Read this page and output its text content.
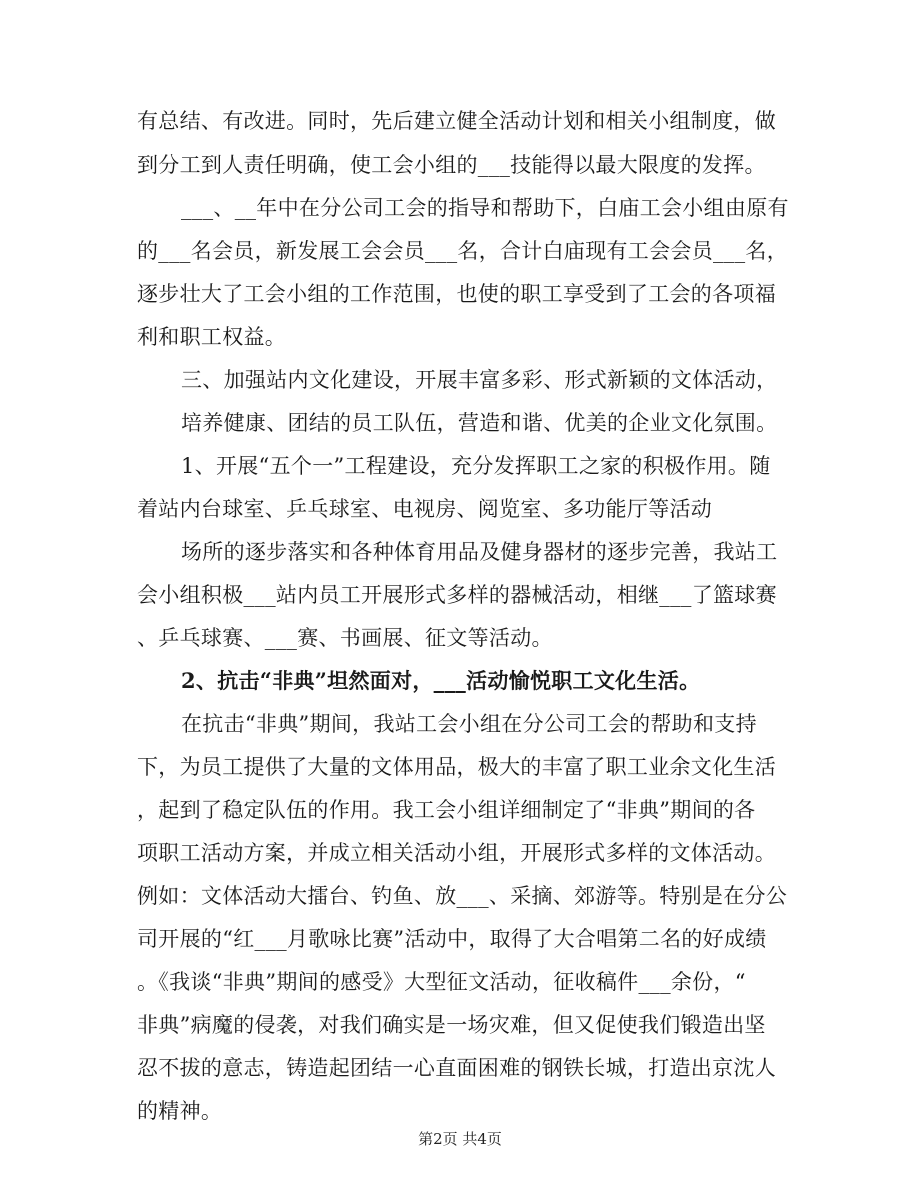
有总结、有改进。同时，先后建立健全活动计划和相关小组制度，做
到分工到人责任明确，使工会小组的___技能得以最大限度的发挥。
___、__年中在分公司工会的指导和帮助下，白庙工会小组由原有
的___名会员，新发展工会会员___名，合计白庙现有工会会员___名，
逐步壮大了工会小组的工作范围，也使的职工享受到了工会的各项福
利和职工权益。
三、加强站内文化建设，开展丰富多彩、形式新颖的文体活动，
培养健康、团结的员工队伍，营造和谐、优美的企业文化氛围。
1、开展“五个一”工程建设，充分发挥职工之家的积极作用。随
着站内台球室、乒乓球室、电视房、阅览室、多功能厅等活动
场所的逐步落实和各种体育用品及健身器材的逐步完善，我站工
会小组积极___站内员工开展形式多样的器械活动，相继___了篮球赛
、乒乓球赛、___赛、书画展、征文等活动。
2、抗击“非典”坦然面对，___活动愉悦职工文化生活。
在抗击“非典”期间，我站工会小组在分公司工会的帮助和支持
下，为员工提供了大量的文体用品，极大的丰富了职工业余文化生活
，起到了稳定队伍的作用。我工会小组详细制定了“非典”期间的各
项职工活动方案，并成立相关活动小组，开展形式多样的文体活动。
例如：文体活动大擂台、钓鱼、放___、采摘、郊游等。特别是在分公
司开展的“红___月歌咏比赛”活动中，取得了大合唱第二名的好成绩
。《我谈“非典”期间的感受》大型征文活动，征收稿件___余份，“
非典”病魔的侵袭，对我们确实是一场灾难，但又促使我们锻造出坚
忍不拔的意志，铸造起团结一心直面困难的钢铁长城，打造出京沈人
的精神。
第2页 共4页
